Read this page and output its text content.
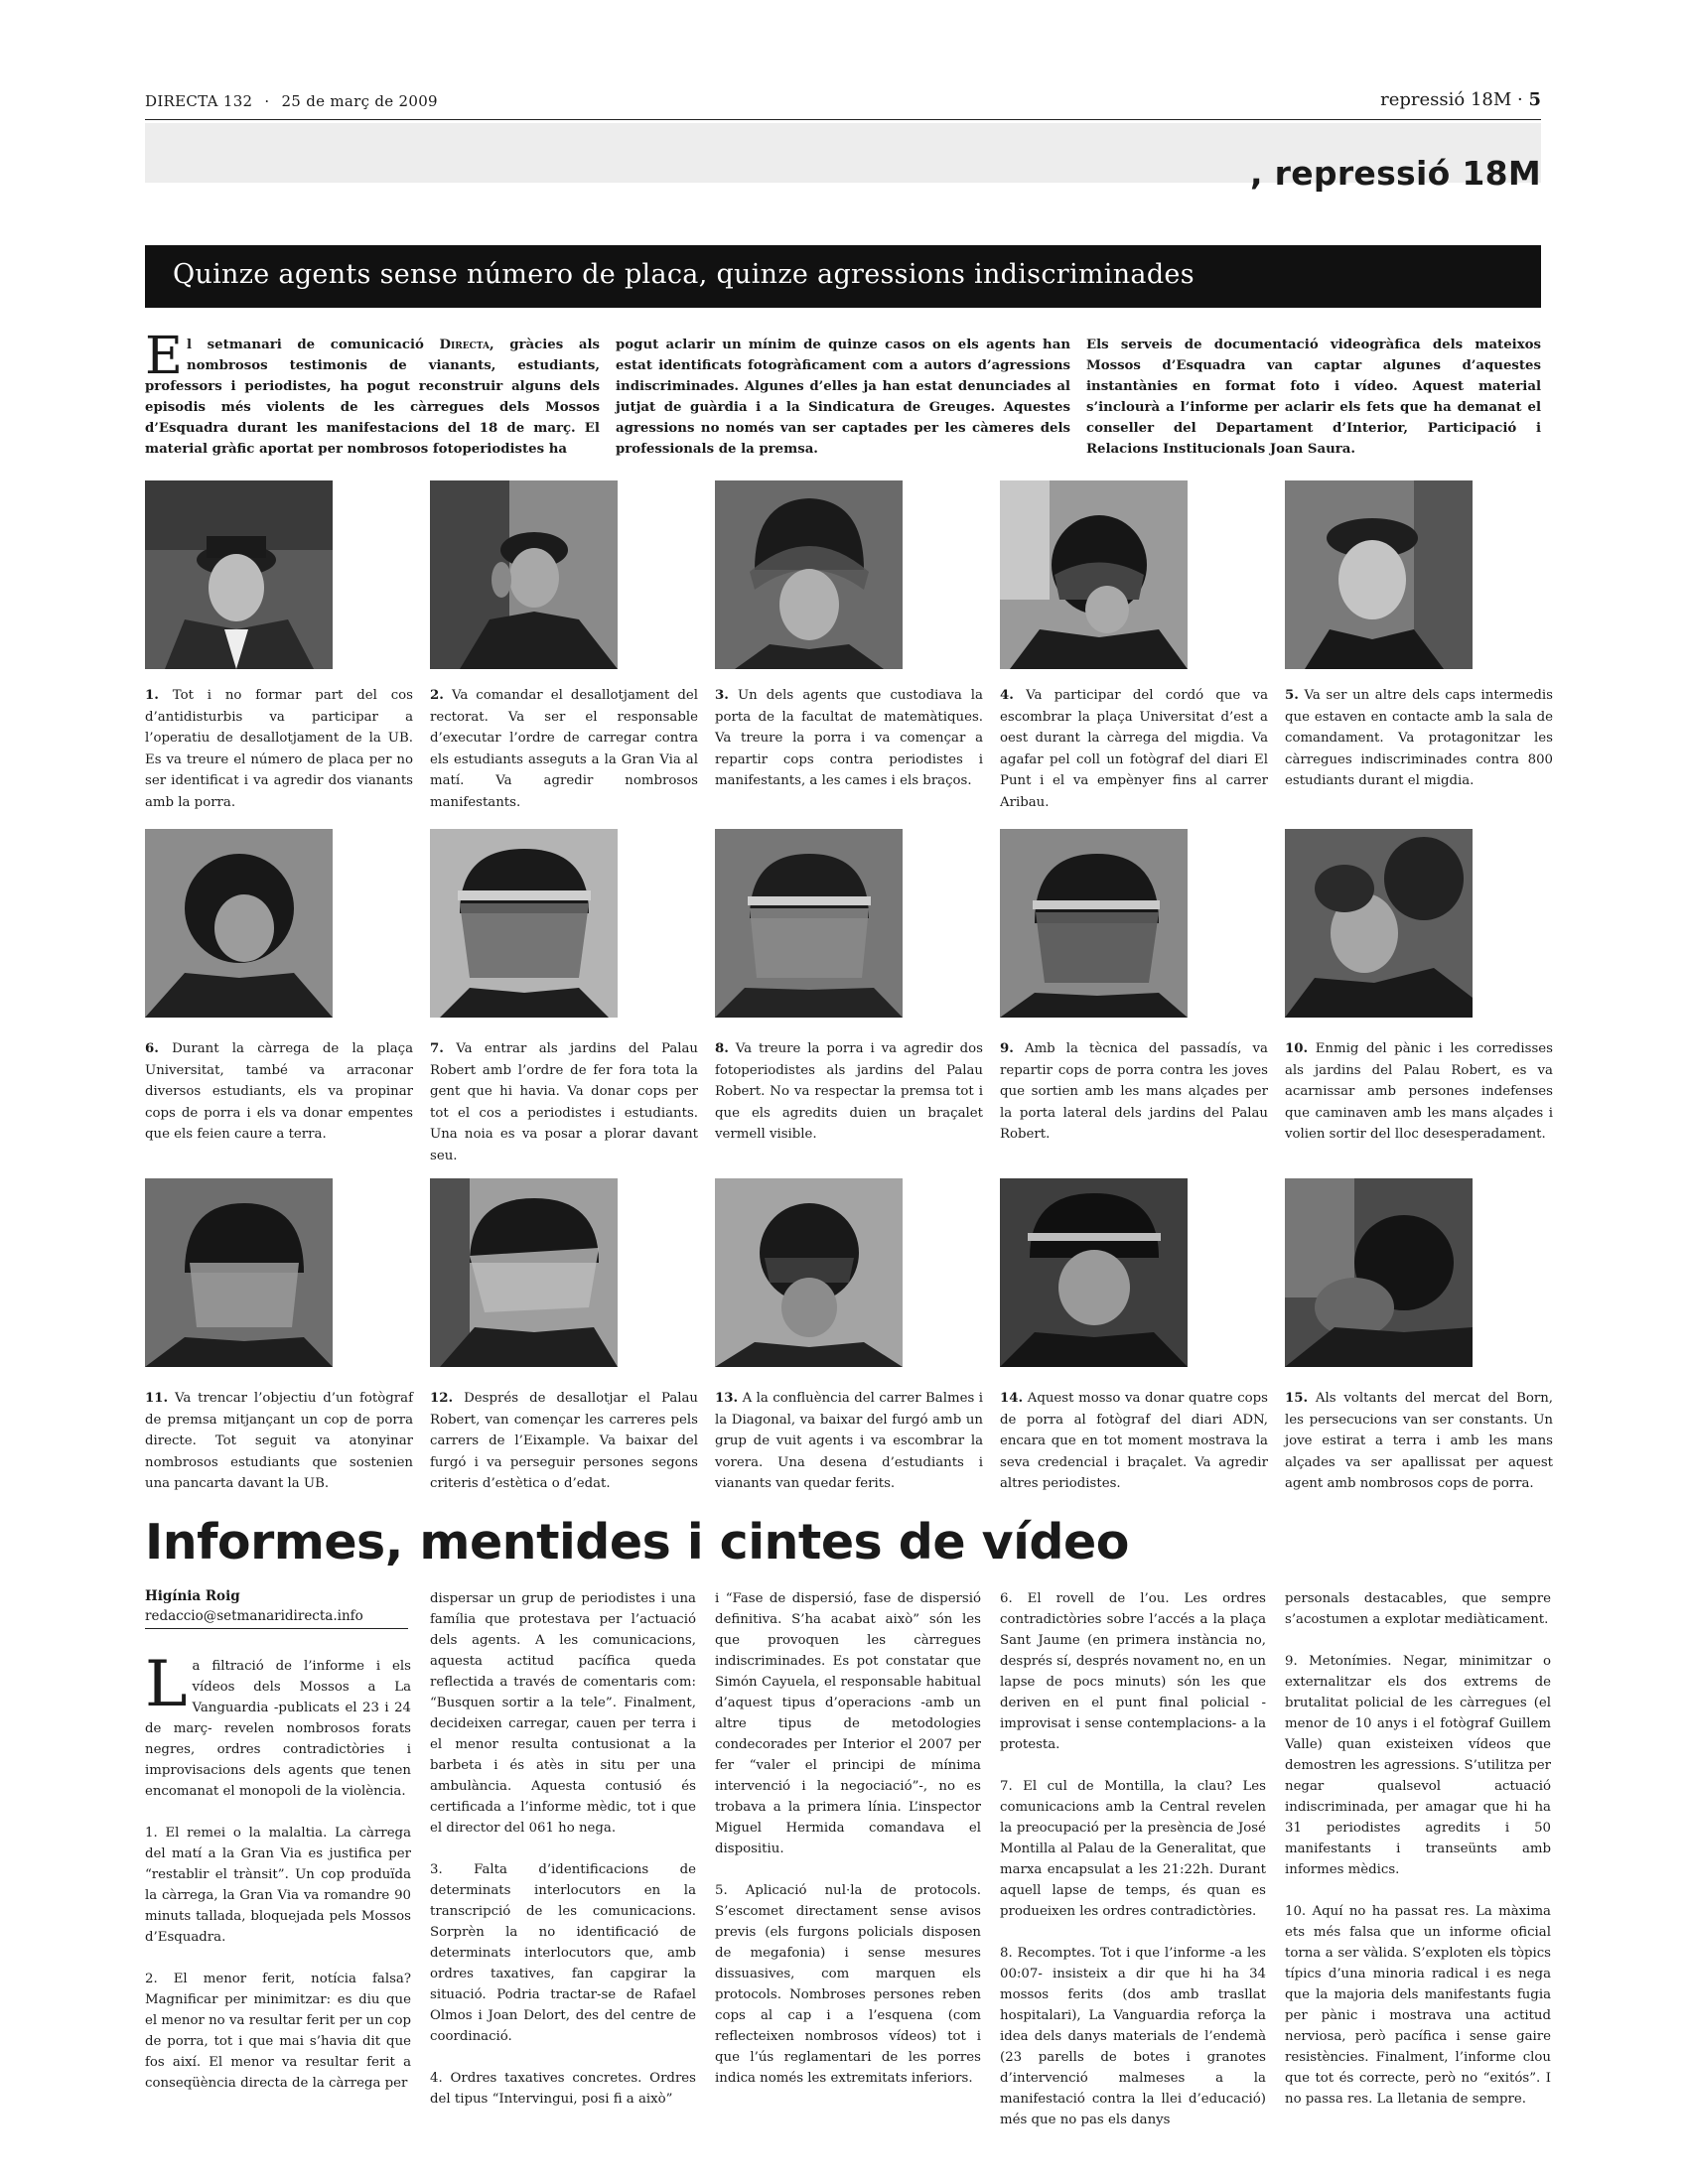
DIRECTA 132 · 25 de març de 2009	repressió 18M · 5
, repressió 18M
Quinze agents sense número de placa, quinze agressions indiscriminades
El setmanari de comunicació Directa, gràcies als nombrosos testimonis de vianants, estudiants, professors i periodistes, ha pogut reconstruir alguns dels episodis més violents de les càrregues dels Mossos d’Esquadra durant les manifestacions del 18 de març. El material gràfic aportat per nombrosos fotoperiodistes ha
pogut aclarir un mínim de quinze casos on els agents han estat identificats fotogràficament com a autors d’agressions indiscriminades. Algunes d’elles ja han estat denunciades al jutjat de guàrdia i a la Sindicatura de Greuges. Aquestes agressions no només van ser captades per les càmeres dels professionals de la premsa.
Els serveis de documentació videogràfica dels mateixos Mossos d’Esquadra van captar algunes d’aquestes instantànies en format foto i vídeo. Aquest material s’inclourà a l’informe per aclarir els fets que ha demanat el conseller del Departament d’Interior, Participació i Relacions Institucionals Joan Saura.
1. Tot i no formar part del cos d’antidisturbis va participar a l’operatiu de desallotjament de la UB. Es va treure el número de placa per no ser identificat i va agredir dos vianants amb la porra.
2. Va comandar el desallotjament del rectorat. Va ser el responsable d’executar l’ordre de carregar contra els estudiants asseguts a la Gran Via al matí. Va agredir nombrosos manifestants.
3. Un dels agents que custodiava la porta de la facultat de matemàtiques. Va treure la porra i va començar a repartir cops contra periodistes i manifestants, a les cames i els braços.
4. Va participar del cordó que va escombrar la plaça Universitat d’est a oest durant la càrrega del migdia. Va agafar pel coll un fotògraf del diari El Punt i el va empènyer fins al carrer Aribau.
5. Va ser un altre dels caps intermedis que estaven en contacte amb la sala de comandament. Va protagonitzar les càrregues indiscriminades contra 800 estudiants durant el migdia.
6. Durant la càrrega de la plaça Universitat, també va arraconar diversos estudiants, els va propinar cops de porra i els va donar empentes que els feien caure a terra.
7. Va entrar als jardins del Palau Robert amb l’ordre de fer fora tota la gent que hi havia. Va donar cops per tot el cos a periodistes i estudiants. Una noia es va posar a plorar davant seu.
8. Va treure la porra i va agredir dos fotoperiodistes als jardins del Palau Robert. No va respectar la premsa tot i que els agredits duien un braçalet vermell visible.
9. Amb la tècnica del passadís, va repartir cops de porra contra les joves que sortien amb les mans alçades per la porta lateral dels jardins del Palau Robert.
10. Enmig del pànic i les corredisses als jardins del Palau Robert, es va acarnissar amb persones indefenses que caminaven amb les mans alçades i volien sortir del lloc desesperadament.
11. Va trencar l’objectiu d’un fotògraf de premsa mitjançant un cop de porra directe. Tot seguit va atonyinar nombrosos estudiants que sostenien una pancarta davant la UB.
12. Després de desallotjar el Palau Robert, van començar les carreres pels carrers de l’Eixample. Va baixar del furgó i va perseguir persones segons criteris d’estètica o d’edat.
13. A la confluència del carrer Balmes i la Diagonal, va baixar del furgó amb un grup de vuit agents i va escombrar la vorera. Una desena d’estudiants i vianants van quedar ferits.
14. Aquest mosso va donar quatre cops de porra al fotògraf del diari ADN, encara que en tot moment mostrava la seva credencial i braçalet. Va agredir altres periodistes.
15. Als voltants del mercat del Born, les persecucions van ser constants. Un jove estirat a terra i amb les mans alçades va ser apallissat per aquest agent amb nombrosos cops de porra.
Informes, mentides i cintes de vídeo
Higínia Roig
redaccio@setmanaridirecta.info

La filtració de l’informe i els vídeos dels Mossos a La Vanguardia -publicats el 23 i 24 de març- revelen nombrosos forats negres, ordres contradictòries i improvisacions dels agents que tenen encomanat el monopoli de la violència.

1. El remei o la malaltia. La càrrega del matí a la Gran Via es justifica per “restablir el trànsit”. Un cop produïda la càrrega, la Gran Via va romandre 90 minuts tallada, bloquejada pels Mossos d’Esquadra.

2. El menor ferit, notícia falsa? Magnificar per minimitzar: es diu que el menor no va resultar ferit per un cop de porra, tot i que mai s’havia dit que fos així. El menor va resultar ferit a conseqüència directa de la càrrega per

dispersar un grup de periodistes i una família que protestava per l’actuació dels agents. A les comunicacions, aquesta actitud pacífica queda reflectida a través de comentaris com: “Busquen sortir a la tele”. Finalment, decideixen carregar, cauen per terra i el menor resulta contusionat a la barbeta i és atès in situ per una ambulància. Aquesta contusió és certificada a l’informe mèdic, tot i que el director del 061 ho nega.

3. Falta d’identificacions de determinats interlocutors en la transcripció de les comunicacions. Sorprèn la no identificació de determinats interlocutors que, amb ordres taxatives, fan capgirar la situació. Podria tractar-se de Rafael Olmos i Joan Delort, des del centre de coordinació.

4. Ordres taxatives concretes. Ordres del tipus “Intervingui, posi fi a això”

i “Fase de dispersió, fase de dispersió definitiva. S’ha acabat això” són les que provoquen les càrregues indiscriminades. Es pot constatar que Simón Cayuela, el responsable habitual d’aquest tipus d’operacions -amb un altre tipus de metodologies condecorades per Interior el 2007 per fer “valer el principi de mínima intervenció i la negociació”-, no es trobava a la primera línia. L’inspector Miguel Hermida comandava el dispositiu.

5. Aplicació nul·la de protocols. S’escomet directament sense avisos previs (els furgons policials disposen de megafonia) i sense mesures dissuasives, com marquen els protocols. Nombroses persones reben cops al cap i a l’esquena (com reflecteixen nombrosos vídeos) tot i que l’ús reglamentari de les porres indica només les extremitats inferiors.

6. El rovell de l’ou. Les ordres contradictòries sobre l’accés a la plaça Sant Jaume (en primera instància no, després sí, després novament no, en un lapse de pocs minuts) són les que deriven en el punt final policial -improvisat i sense contemplacions- a la protesta.

7. El cul de Montilla, la clau? Les comunicacions amb la Central revelen la preocupació per la presència de José Montilla al Palau de la Generalitat, que marxa encapsulat a les 21:22h. Durant aquell lapse de temps, és quan es produeixen les ordres contradictòries.

8. Recomptes. Tot i que l’informe -a les 00:07- insisteix a dir que hi ha 34 mossos ferits (dos amb trasllat hospitalari), La Vanguardia reforça la idea dels danys materials de l’endemà (23 parells de botes i granotes d’intervenció malmeses a la manifestació contra la llei d’educació) més que no pas els danys

personals destacables, que sempre s’acostumen a explotar mediàticament.

9. Metonímies. Negar, minimitzar o externalitzar els dos extrems de brutalitat policial de les càrregues (el menor de 10 anys i el fotògraf Guillem Valle) quan existeixen vídeos que demostren les agressions. S’utilitza per negar qualsevol actuació indiscriminada, per amagar que hi ha 31 periodistes agredits i 50 manifestants i transeünts amb informes mèdics.

10. Aquí no ha passat res. La màxima ets més falsa que un informe oficial torna a ser vàlida. S’exploten els tòpics típics d’una minoria radical i es nega que la majoria dels manifestants fugia per pànic i mostrava una actitud nerviosa, però pacífica i sense gaire resistències. Finalment, l’informe clou que tot és correcte, però no “exitós”. I no passa res. La lletania de sempre.
